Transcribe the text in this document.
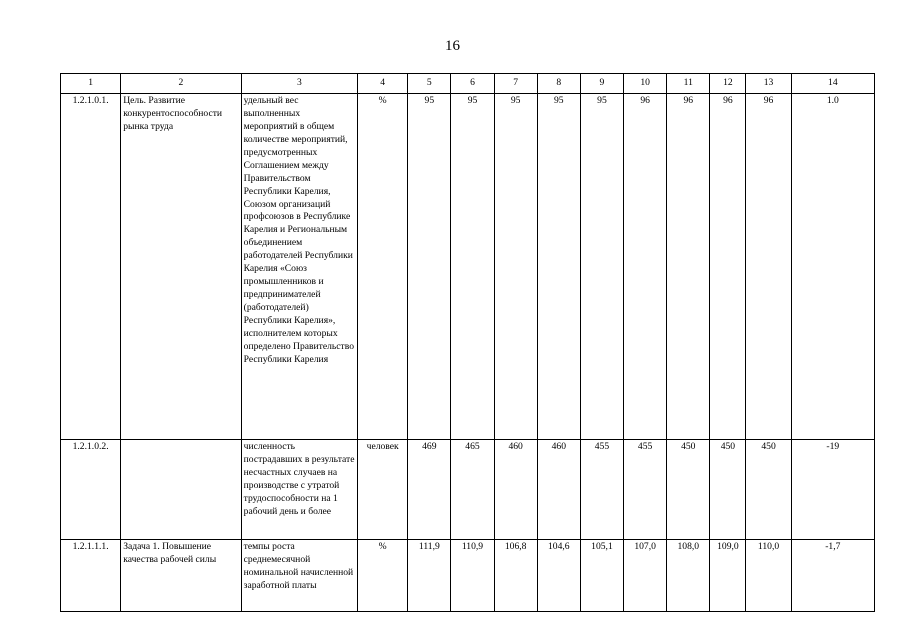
16
1	2	3	4	5	6	7	8	9	10	11	12	13	14
1.2.1.0.1.	Цель. Развитие конкурентоспособности рынка труда	удельный вес выполненных мероприятий в общем количестве мероприятий, предусмотренных Соглашением между Правительством Республики Карелия, Союзом организаций профсоюзов в Республике Карелия и Региональным объединением работодателей Республики Карелия «Союз промышленников и предпринимателей (работодателей) Республики Карелия», исполнителем которых определено Правительство Республики Карелия	%	95	95	95	95	95	96	96	96	96	1.0
1.2.1.0.2.		численность пострадавших в результате несчастных случаев на производстве с утратой трудоспособности на 1 рабочий день и более	человек	469	465	460	460	455	455	450	450	450	-19
1.2.1.1.1.	Задача 1. Повышение качества рабочей силы	темпы роста среднемесячной номинальной начисленной заработной платы	%	111,9	110,9	106,8	104,6	105,1	107,0	108,0	109,0	110,0	-1,7
